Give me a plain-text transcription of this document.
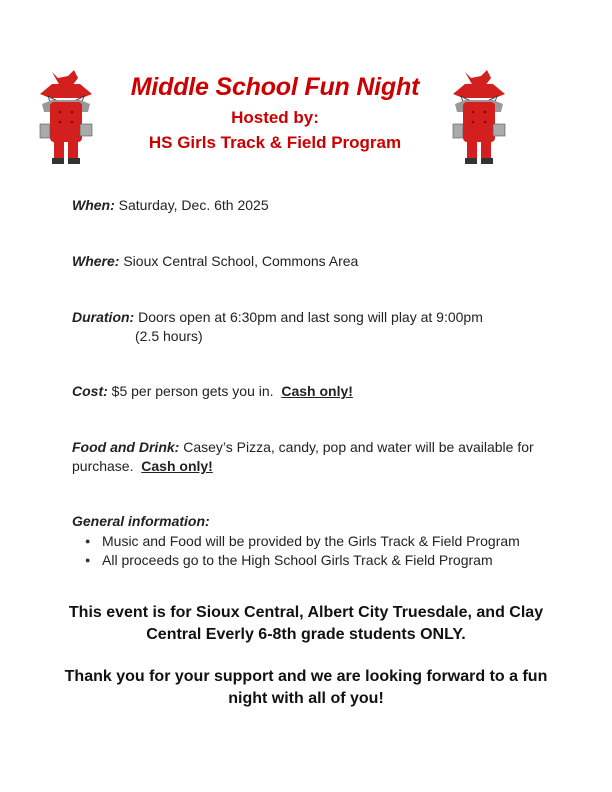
Middle School Fun Night
Hosted by:
HS Girls Track & Field Program
When: Saturday, Dec. 6th 2025
Where: Sioux Central School, Commons Area
Duration: Doors open at 6:30pm and last song will play at 9:00pm
(2.5 hours)
Cost: $5 per person gets you in.  Cash only!
Food and Drink: Casey’s Pizza, candy, pop and water will be available for purchase.  Cash only!
General information:
● Music and Food will be provided by the Girls Track & Field Program
● All proceeds go to the High School Girls Track & Field Program
This event is for Sioux Central, Albert City Truesdale, and Clay Central Everly 6-8th grade students ONLY.
Thank you for your support and we are looking forward to a fun night with all of you!
